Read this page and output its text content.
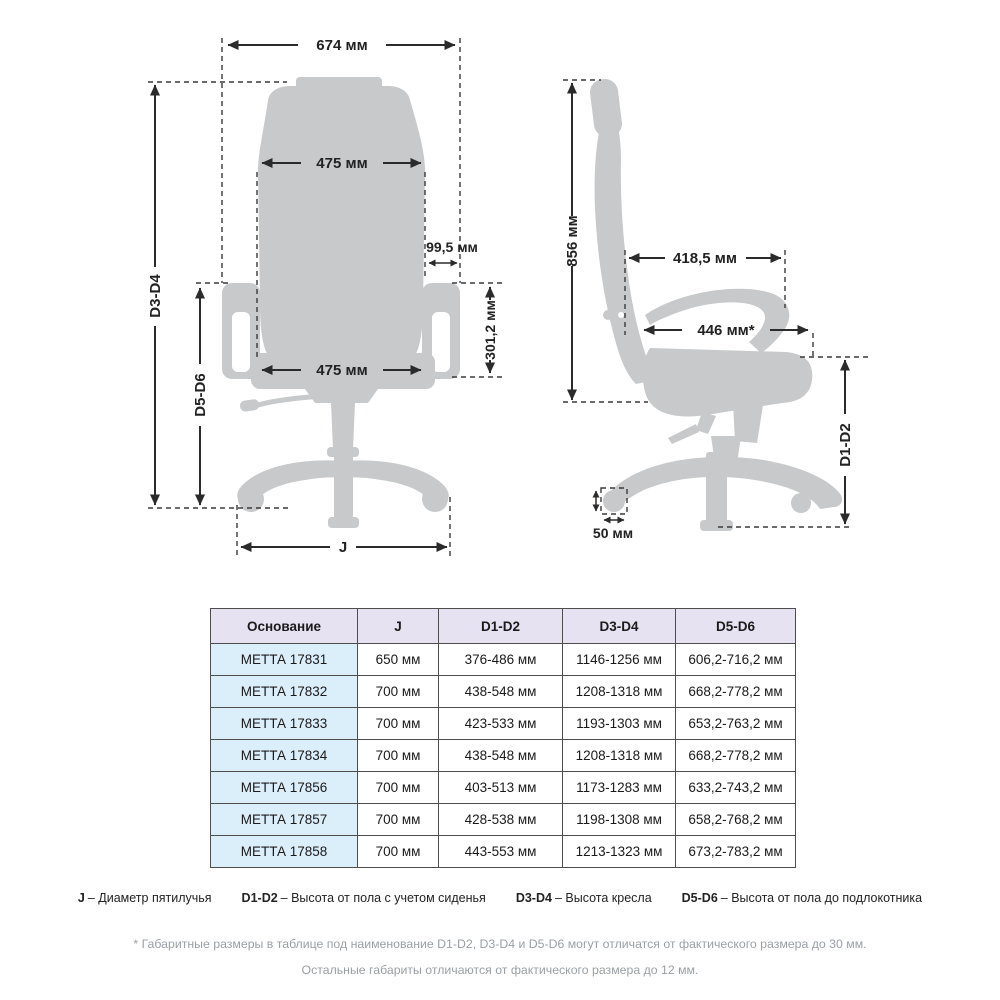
674 мм
D3-D4
475 мм
99,5 мм
301,2 мм
D5-D6
475 мм
J
856 мм	418,5 мм
446 мм*
D1-D2
50 мм
Основание	J	D1-D2	D3-D4	D5-D6
МЕТТА 17831	650 мм	376-486 мм	1146-1256 мм	606,2-716,2 мм
МЕТТА 17832	700 мм	438-548 мм	1208-1318 мм	668,2-778,2 мм
МЕТТА 17833	700 мм	423-533 мм	1193-1303 мм	653,2-763,2 мм
МЕТТА 17834	700 мм	438-548 мм	1208-1318 мм	668,2-778,2 мм
МЕТТА 17856	700 мм	403-513 мм	1173-1283 мм	633,2-743,2 мм
МЕТТА 17857	700 мм	428-538 мм	1198-1308 мм	658,2-768,2 мм
МЕТТА 17858	700 мм	443-553 мм	1213-1323 мм	673,2-783,2 мм
J – Диаметр пятилучья D1-D2 – Высота от пола с учетом сиденья D3-D4 – Высота кресла D5-D6 – Высота от пола до подлокотника
* Габаритные размеры в таблице под наименование D1-D2, D3-D4 и D5-D6 могут отличатся от фактического размера до 30 мм.
Остальные габариты отличаются от фактического размера до 12 мм.
